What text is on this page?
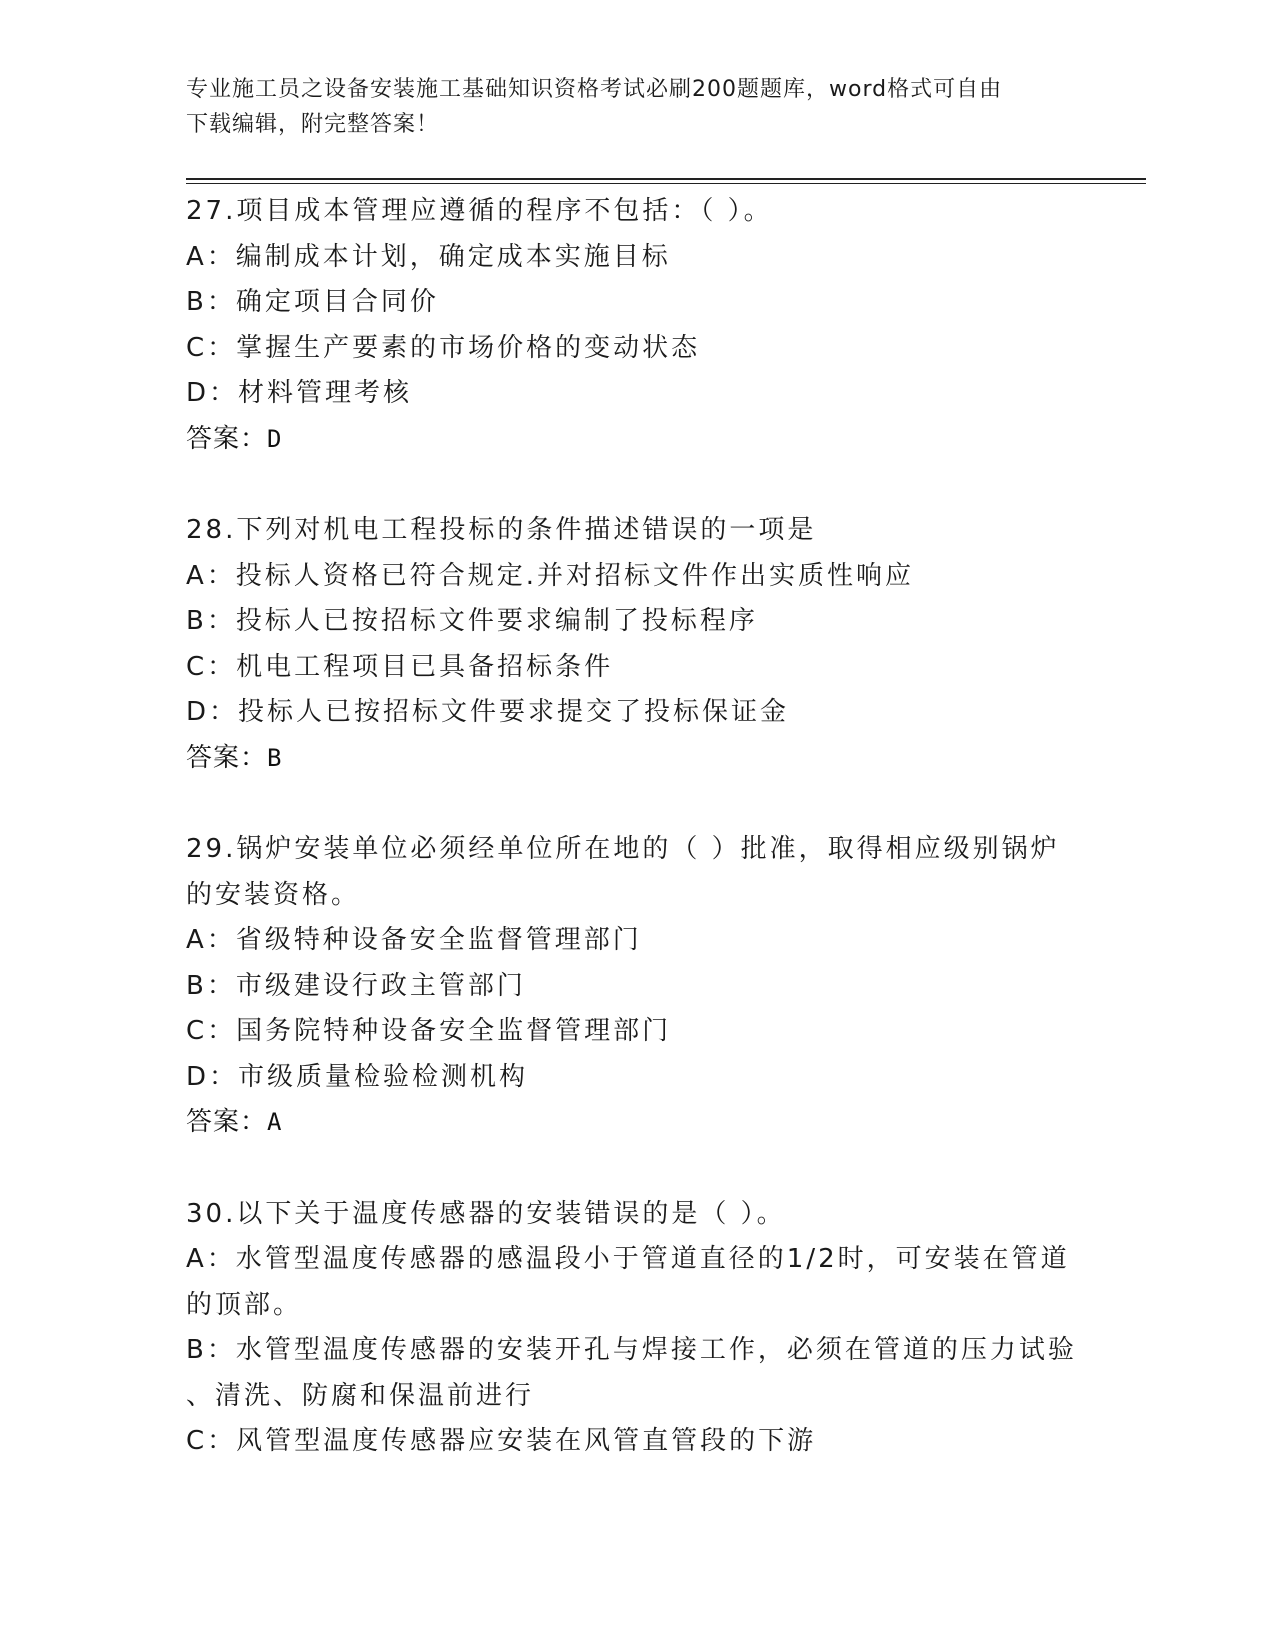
专业施工员之设备安装施工基础知识资格考试必刷200题题库，word格式可自由
下载编辑，附完整答案！
27.项目成本管理应遵循的程序不包括：（ ）。
A：编制成本计划，确定成本实施目标
B：确定项目合同价
C：掌握生产要素的市场价格的变动状态
D：材料管理考核
答案：D
28.下列对机电工程投标的条件描述错误的一项是
A：投标人资格已符合规定.并对招标文件作出实质性响应
B：投标人已按招标文件要求编制了投标程序
C：机电工程项目已具备招标条件
D：投标人已按招标文件要求提交了投标保证金
答案：B
29.锅炉安装单位必须经单位所在地的（ ）批准，取得相应级别锅炉
的安装资格。
A：省级特种设备安全监督管理部门
B：市级建设行政主管部门
C：国务院特种设备安全监督管理部门
D：市级质量检验检测机构
答案：A
30.以下关于温度传感器的安装错误的是（ ）。
A：水管型温度传感器的感温段小于管道直径的1/2时，可安装在管道
的顶部。
B：水管型温度传感器的安装开孔与焊接工作，必须在管道的压力试验
、清洗、防腐和保温前进行
C：风管型温度传感器应安装在风管直管段的下游
